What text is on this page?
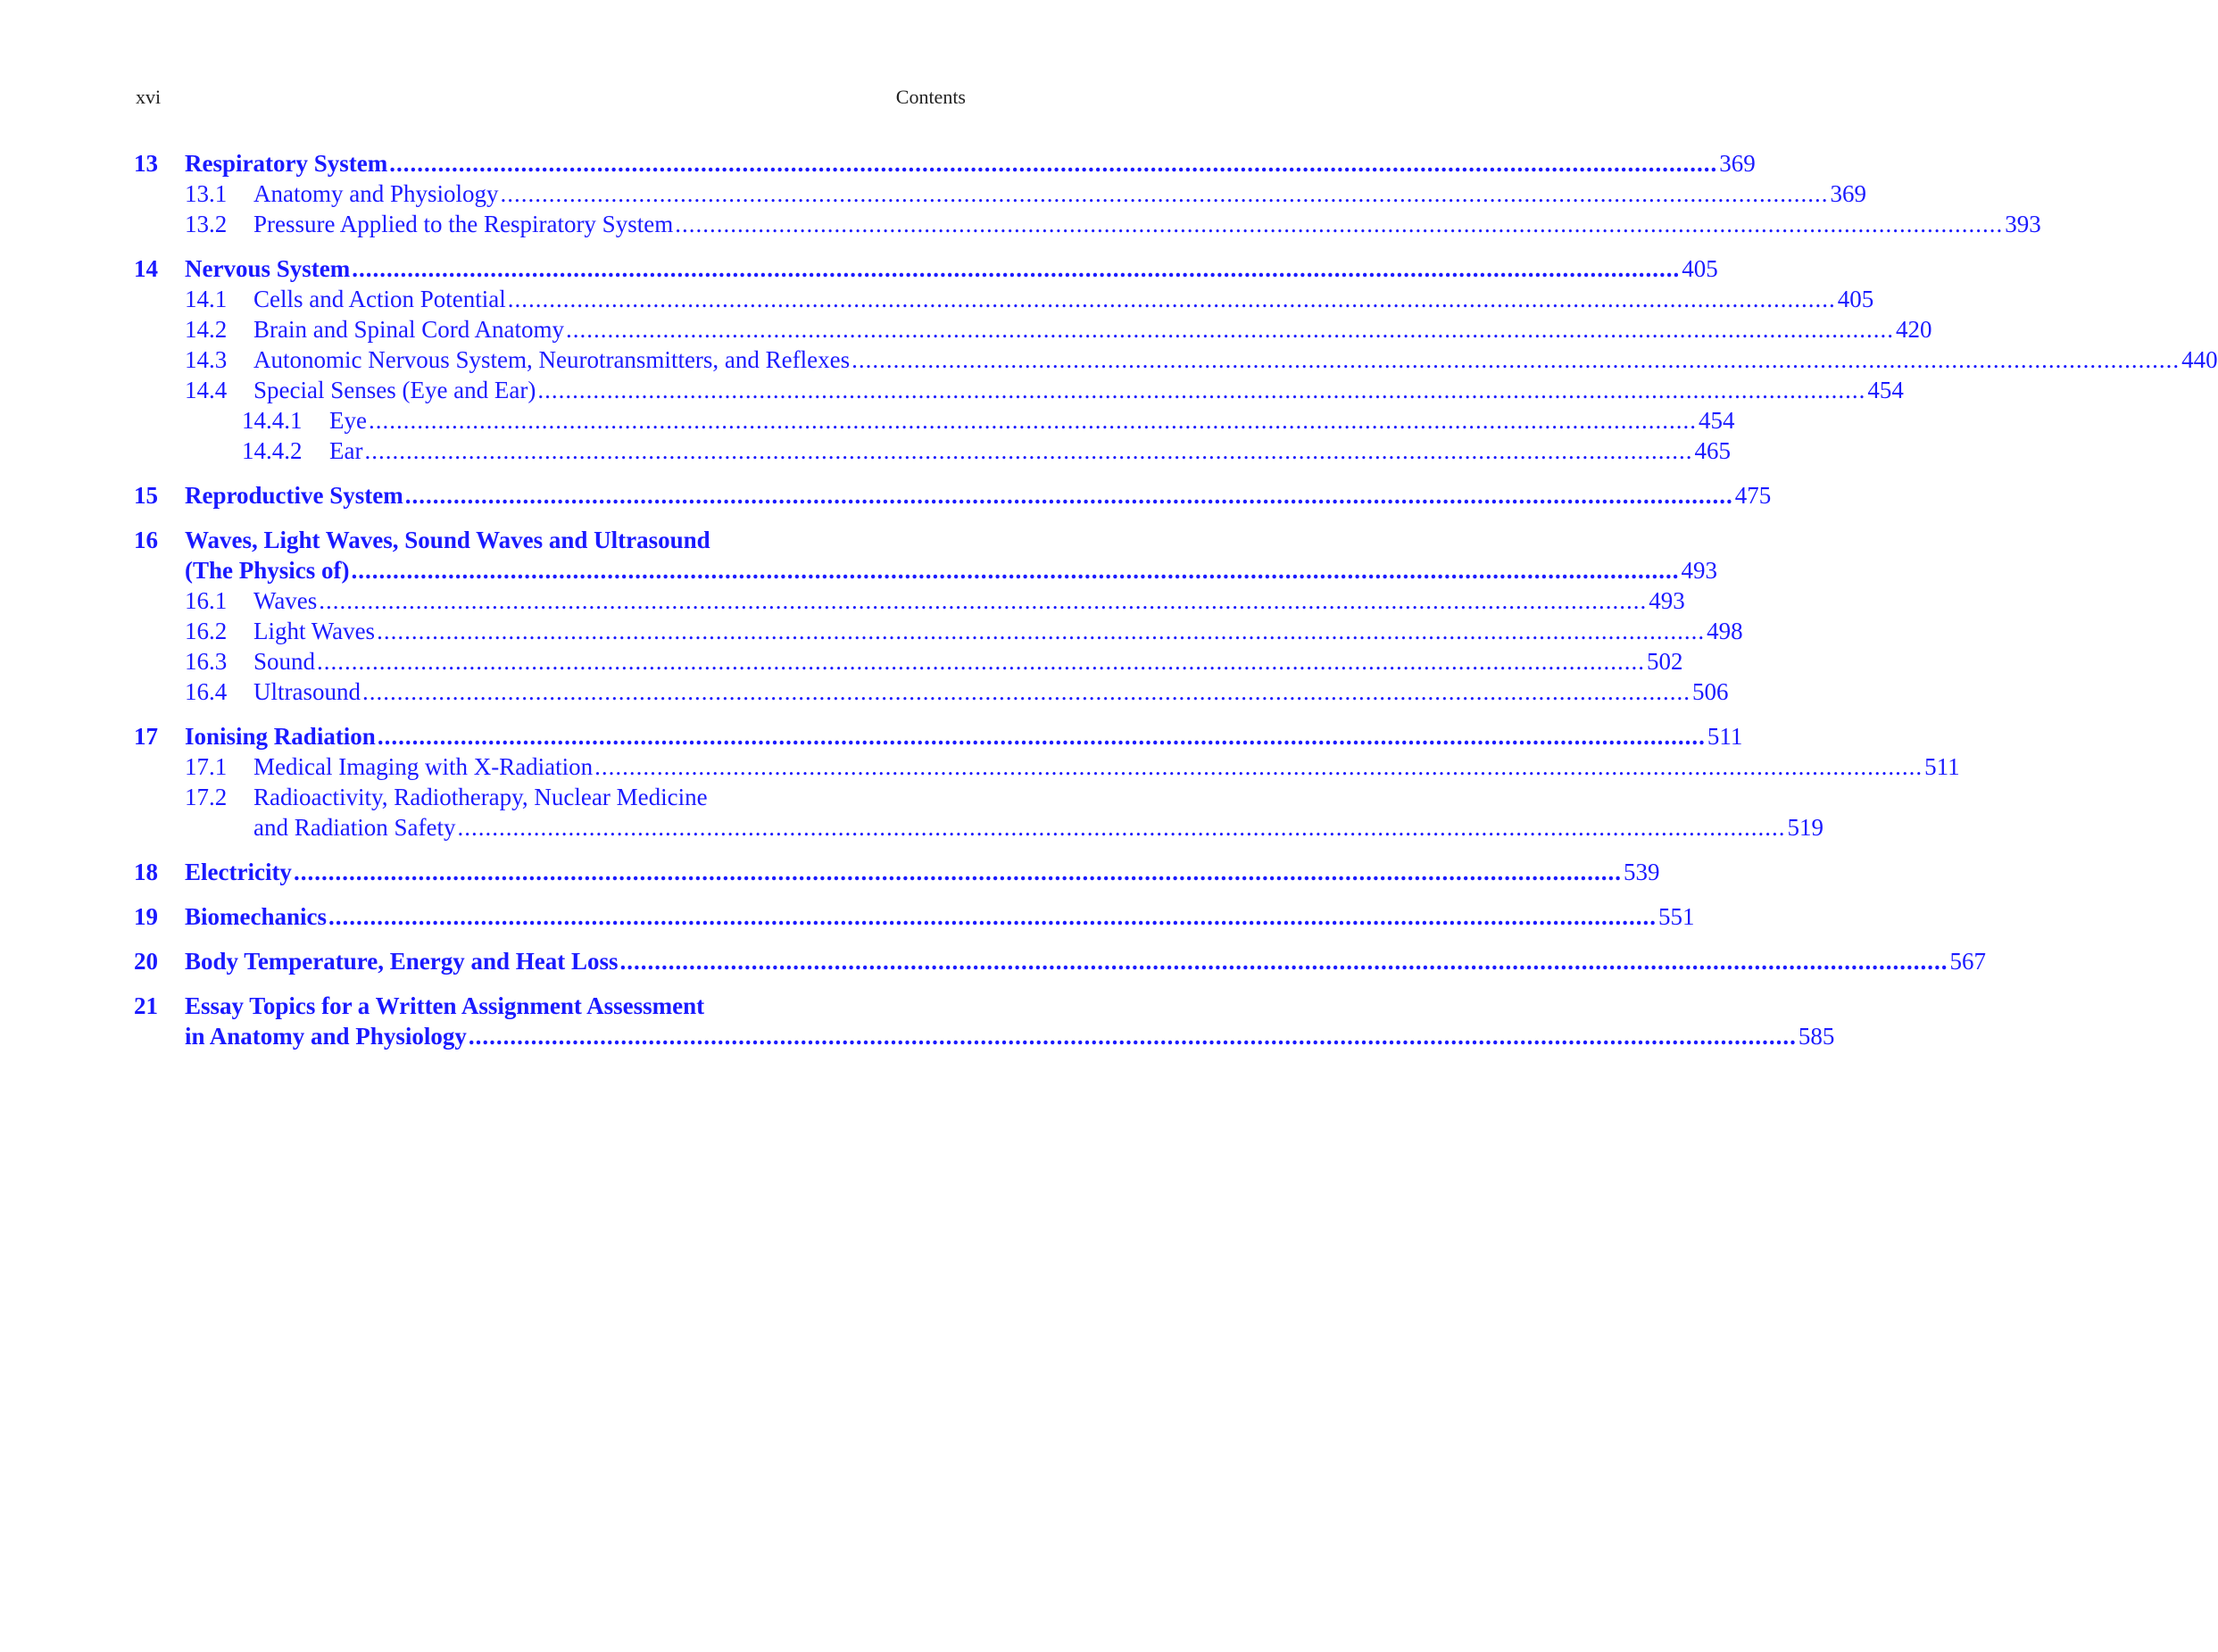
xvi	Contents
13	Respiratory System .....	369
13.1	Anatomy and Physiology .....	369
13.2	Pressure Applied to the Respiratory System .....	393
14	Nervous System .....	405
14.1	Cells and Action Potential .....	405
14.2	Brain and Spinal Cord Anatomy .....	420
14.3	Autonomic Nervous System, Neurotransmitters, and Reflexes .....	440
14.4	Special Senses (Eye and Ear) .....	454
14.4.1	Eye .....	454
14.4.2	Ear .....	465
15	Reproductive System .....	475
16	Waves, Light Waves, Sound Waves and Ultrasound
(The Physics of) .....	493
16.1	Waves .....	493
16.2	Light Waves .....	498
16.3	Sound .....	502
16.4	Ultrasound .....	506
17	Ionising Radiation .....	511
17.1	Medical Imaging with X-Radiation .....	511
17.2	Radioactivity, Radiotherapy, Nuclear Medicine
and Radiation Safety .....	519
18	Electricity .....	539
19	Biomechanics .....	551
20	Body Temperature, Energy and Heat Loss .....	567
21	Essay Topics for a Written Assignment Assessment
in Anatomy and Physiology .....	585
